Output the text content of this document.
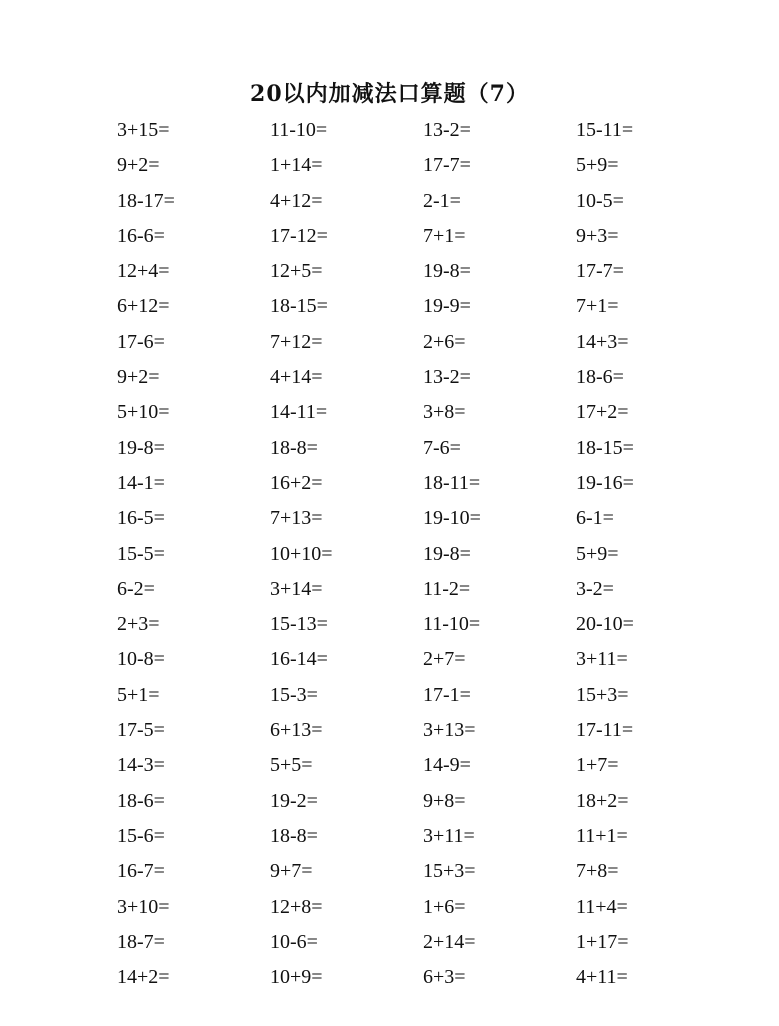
20以内加减法口算题（7）
3+15=	11-10=	13-2=	15-11=
9+2=	1+14=	17-7=	5+9=
18-17=	4+12=	2-1=	10-5=
16-6=	17-12=	7+1=	9+3=
12+4=	12+5=	19-8=	17-7=
6+12=	18-15=	19-9=	7+1=
17-6=	7+12=	2+6=	14+3=
9+2=	4+14=	13-2=	18-6=
5+10=	14-11=	3+8=	17+2=
19-8=	18-8=	7-6=	18-15=
14-1=	16+2=	18-11=	19-16=
16-5=	7+13=	19-10=	6-1=
15-5=	10+10=	19-8=	5+9=
6-2=	3+14=	11-2=	3-2=
2+3=	15-13=	11-10=	20-10=
10-8=	16-14=	2+7=	3+11=
5+1=	15-3=	17-1=	15+3=
17-5=	6+13=	3+13=	17-11=
14-3=	5+5=	14-9=	1+7=
18-6=	19-2=	9+8=	18+2=
15-6=	18-8=	3+11=	11+1=
16-7=	9+7=	15+3=	7+8=
3+10=	12+8=	1+6=	11+4=
18-7=	10-6=	2+14=	1+17=
14+2=	10+9=	6+3=	4+11=
